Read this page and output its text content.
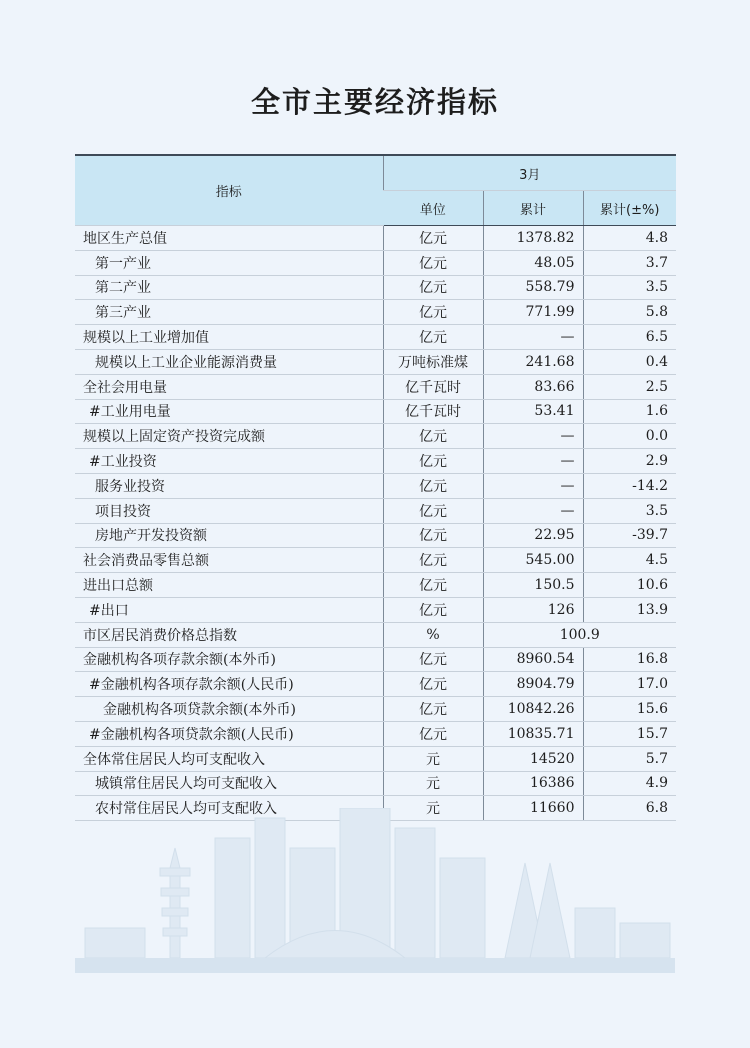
全市主要经济指标
指标	3月		
	单位	累计	累计(±%)
地区生产总值	亿元	1378.82	4.8
第一产业	亿元	48.05	3.7
第二产业	亿元	558.79	3.5
第三产业	亿元	771.99	5.8
规模以上工业增加值	亿元	—	6.5
规模以上工业企业能源消费量	万吨标准煤	241.68	0.4
全社会用电量	亿千瓦时	83.66	2.5
#工业用电量	亿千瓦时	53.41	1.6
规模以上固定资产投资完成额	亿元	—	0.0
#工业投资	亿元	—	2.9
服务业投资	亿元	—	-14.2
项目投资	亿元	—	3.5
房地产开发投资额	亿元	22.95	-39.7
社会消费品零售总额	亿元	545.00	4.5
进出口总额	亿元	150.5	10.6
#出口	亿元	126	13.9
市区居民消费价格总指数	%	100.9	
金融机构各项存款余额(本外币)	亿元	8960.54	16.8
#金融机构各项存款余额(人民币)	亿元	8904.79	17.0
金融机构各项贷款余额(本外币)	亿元	10842.26	15.6
#金融机构各项贷款余额(人民币)	亿元	10835.71	15.7
全体常住居民人均可支配收入	元	14520	5.7
城镇常住居民人均可支配收入	元	16386	4.9
农村常住居民人均可支配收入	元	11660	6.8
